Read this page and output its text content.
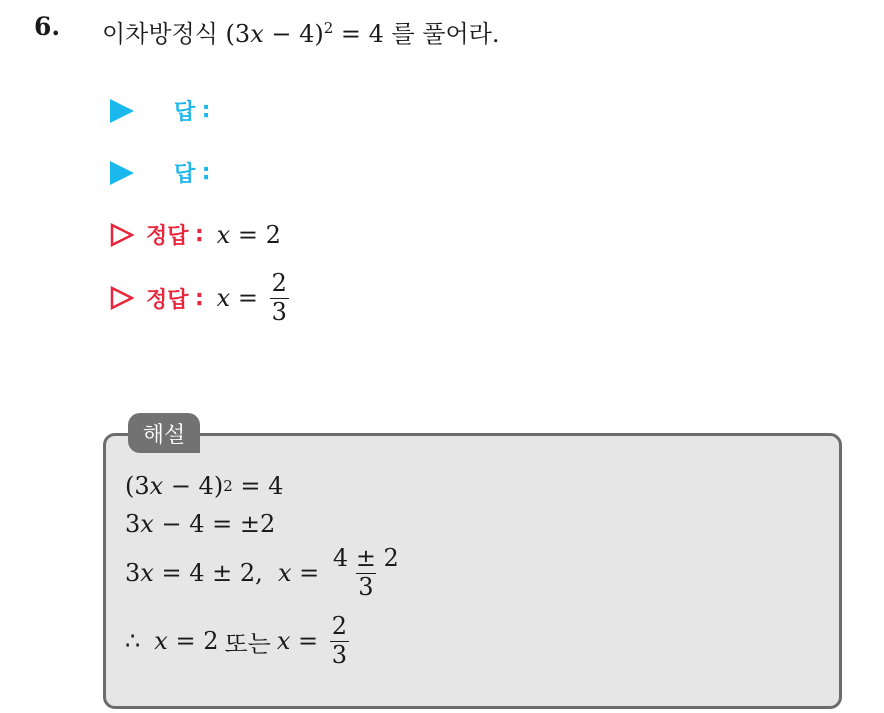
6. 이차방정식 $(3x - 4)^2 = 4$ 를 풀어라.
답 ∶
답 ∶
정답 ∶ x = 2
정답 ∶ $x = \frac{2}{3}$
해설
(3 x − 4) 2 = 4
3 x − 4 = ±2
3 x = 4 ± 2, $x = \frac{4 \pm 2}{3}$
∴ x = 2 또는 $x = \frac{2}{3}$
